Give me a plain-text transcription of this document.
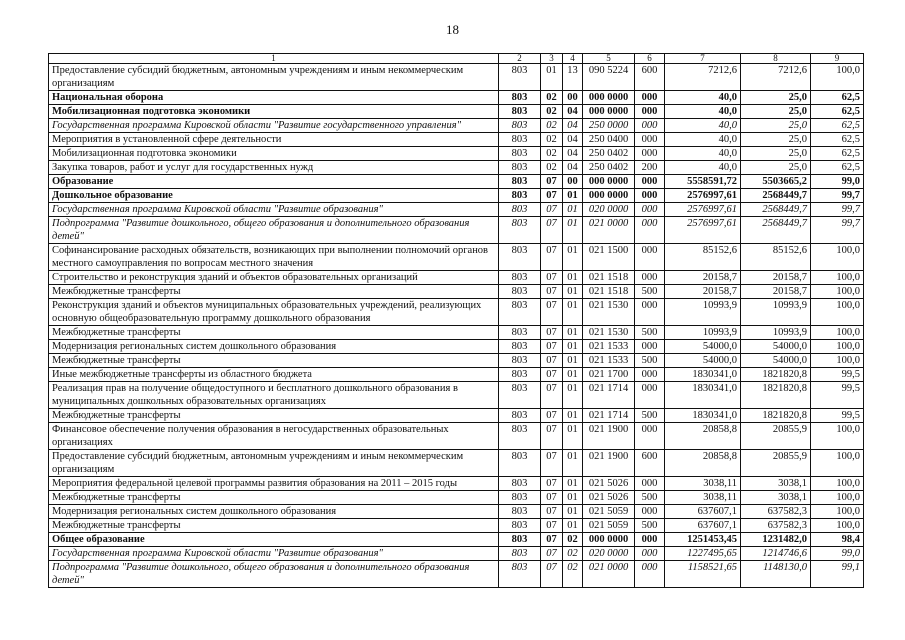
18
1	2	3	4	5	6	7	8	9
Предоставление субсидий бюджетным, автономным учреждениям и иным некоммерческим организациям	803	01	13	090 5224	600	7212,6	7212,6	100,0
Национальная оборона	803	02	00	000 0000	000	40,0	25,0	62,5
Мобилизационная подготовка экономики	803	02	04	000 0000	000	40,0	25,0	62,5
Государственная программа Кировской области "Развитие государственного управления"	803	02	04	250 0000	000	40,0	25,0	62,5
Мероприятия в установленной сфере деятельности	803	02	04	250 0400	000	40,0	25,0	62,5
Мобилизационная подготовка экономики	803	02	04	250 0402	000	40,0	25,0	62,5
Закупка товаров, работ и услуг для государственных нужд	803	02	04	250 0402	200	40,0	25,0	62,5
Образование	803	07	00	000 0000	000	5558591,72	5503665,2	99,0
Дошкольное образование	803	07	01	000 0000	000	2576997,61	2568449,7	99,7
Государственная программа Кировской области "Развитие образования"	803	07	01	020 0000	000	2576997,61	2568449,7	99,7
Подпрограмма "Развитие дошкольного, общего образования и дополнительного образования детей"	803	07	01	021 0000	000	2576997,61	2568449,7	99,7
Софинансирование расходных обязательств, возникающих при выполнении полномочий органов местного самоуправления по вопросам местного значения	803	07	01	021 1500	000	85152,6	85152,6	100,0
Строительство и реконструкция зданий и объектов образовательных организаций	803	07	01	021 1518	000	20158,7	20158,7	100,0
Межбюджетные трансферты	803	07	01	021 1518	500	20158,7	20158,7	100,0
Реконструкция зданий и объектов муниципальных образовательных учреждений, реализующих основную общеобразовательную программу дошкольного образования	803	07	01	021 1530	000	10993,9	10993,9	100,0
Межбюджетные трансферты	803	07	01	021 1530	500	10993,9	10993,9	100,0
Модернизация региональных систем дошкольного образования	803	07	01	021 1533	000	54000,0	54000,0	100,0
Межбюджетные трансферты	803	07	01	021 1533	500	54000,0	54000,0	100,0
Иные межбюджетные трансферты из областного бюджета	803	07	01	021 1700	000	1830341,0	1821820,8	99,5
Реализация прав на получение общедоступного и бесплатного дошкольного образования в муниципальных дошкольных образовательных организациях	803	07	01	021 1714	000	1830341,0	1821820,8	99,5
Межбюджетные трансферты	803	07	01	021 1714	500	1830341,0	1821820,8	99,5
Финансовое обеспечение получения образования в негосударственных образовательных организациях	803	07	01	021 1900	000	20858,8	20855,9	100,0
Предоставление субсидий бюджетным, автономным учреждениям и иным некоммерческим организациям	803	07	01	021 1900	600	20858,8	20855,9	100,0
Мероприятия федеральной целевой программы развития образования на 2011 – 2015 годы	803	07	01	021 5026	000	3038,11	3038,1	100,0
Межбюджетные трансферты	803	07	01	021 5026	500	3038,11	3038,1	100,0
Модернизация региональных систем дошкольного образования	803	07	01	021 5059	000	637607,1	637582,3	100,0
Межбюджетные трансферты	803	07	01	021 5059	500	637607,1	637582,3	100,0
Общее образование	803	07	02	000 0000	000	1251453,45	1231482,0	98,4
Государственная программа Кировской области "Развитие образования"	803	07	02	020 0000	000	1227495,65	1214746,6	99,0
Подпрограмма "Развитие дошкольного, общего образования и дополнительного образования детей"	803	07	02	021 0000	000	1158521,65	1148130,0	99,1
